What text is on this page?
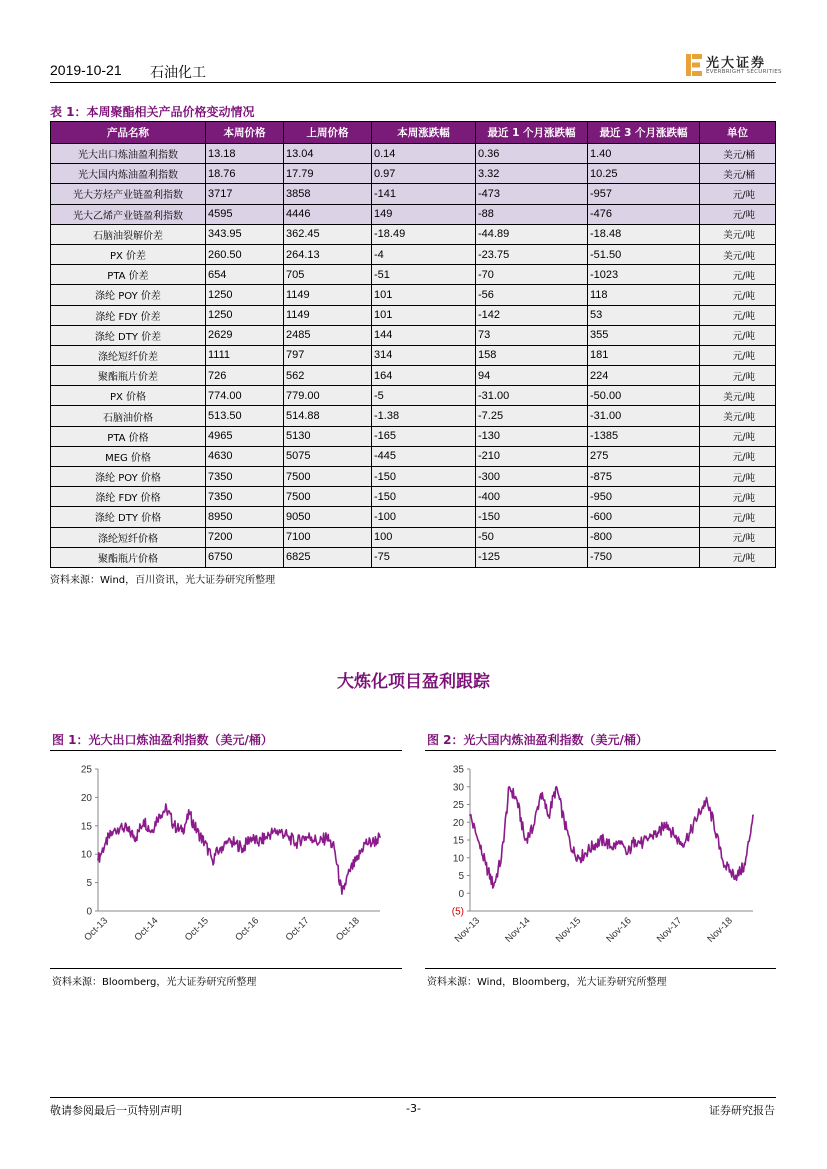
2019-10-21 石油化工
光大证券
EVERBRIGHT SECURITIES
表 1：本周聚酯相关产品价格变动情况
产品名称	本周价格	上周价格	本周涨跌幅	最近 1 个月涨跌幅	最近 3 个月涨跌幅	单位
光大出口炼油盈利指数	13.18	13.04	0.14	0.36	1.40	美元/桶
光大国内炼油盈利指数	18.76	17.79	0.97	3.32	10.25	美元/桶
光大芳烃产业链盈利指数	3717	3858	-141	-473	-957	元/吨
光大乙烯产业链盈利指数	4595	4446	149	-88	-476	元/吨
石脑油裂解价差	343.95	362.45	-18.49	-44.89	-18.48	美元/吨
PX 价差	260.50	264.13	-4	-23.75	-51.50	美元/吨
PTA 价差	654	705	-51	-70	-1023	元/吨
涤纶 POY 价差	1250	1149	101	-56	118	元/吨
涤纶 FDY 价差	1250	1149	101	-142	53	元/吨
涤纶 DTY 价差	2629	2485	144	73	355	元/吨
涤纶短纤价差	1111	797	314	158	181	元/吨
聚酯瓶片价差	726	562	164	94	224	元/吨
PX 价格	774.00	779.00	-5	-31.00	-50.00	美元/吨
石脑油价格	513.50	514.88	-1.38	-7.25	-31.00	美元/吨
PTA 价格	4965	5130	-165	-130	-1385	元/吨
MEG 价格	4630	5075	-445	-210	275	元/吨
涤纶 POY 价格	7350	7500	-150	-300	-875	元/吨
涤纶 FDY 价格	7350	7500	-150	-400	-950	元/吨
涤纶 DTY 价格	8950	9050	-100	-150	-600	元/吨
涤纶短纤价格	7200	7100	100	-50	-800	元/吨
聚酯瓶片价格	6750	6825	-75	-125	-750	元/吨
资料来源：Wind，百川资讯，光大证券研究所整理
大炼化项目盈利跟踪
图 1：光大出口炼油盈利指数（美元/桶）
0
5
10
15
20
25
Oct-13 Oct-14 Oct-15 Oct-16 Oct-17 Oct-18
资料来源：Bloomberg，光大证券研究所整理
图 2：光大国内炼油盈利指数（美元/桶）
(5)
0
5
10
15
20
25
30
35
Nov-13 Nov-14 Nov-15 Nov-16 Nov-17 Nov-18
资料来源：Wind，Bloomberg，光大证券研究所整理
敬请参阅最后一页特别声明	-3-	证券研究报告
